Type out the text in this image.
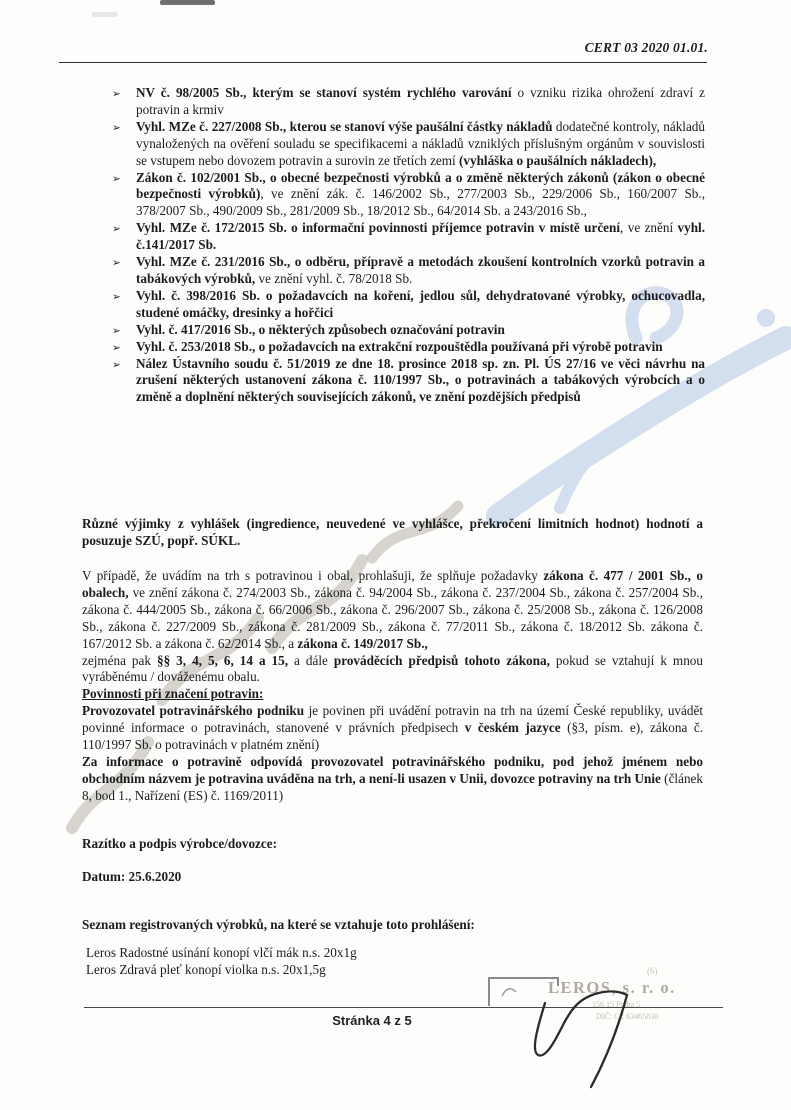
CERT 03 2020 01.01.
➢ NV č. 98/2005 Sb., kterým se stanoví systém rychlého varování o vzniku rizika ohrožení zdraví z potravin a krmiv
➢ Vyhl. MZe č. 227/2008 Sb., kterou se stanoví výše paušální částky nákladů dodatečné kontroly, nákladů vynaložených na ověření souladu se specifikacemi a nákladů vzniklých příslušným orgánům v souvislosti se vstupem nebo dovozem potravin a surovin ze třetích zemí (vyhláška o paušálních nákladech),
➢ Zákon č. 102/2001 Sb., o obecné bezpečnosti výrobků a o změně některých zákonů (zákon o obecné bezpečnosti výrobků), ve znění zák. č. 146/2002 Sb., 277/2003 Sb., 229/2006 Sb., 160/2007 Sb., 378/2007 Sb., 490/2009 Sb., 281/2009 Sb., 18/2012 Sb., 64/2014 Sb. a 243/2016 Sb.,
➢ Vyhl. MZe č. 172/2015 Sb. o informační povinnosti příjemce potravin v místě určení, ve znění vyhl. č.141/2017 Sb.
➢ Vyhl. MZe č. 231/2016 Sb., o odběru, přípravě a metodách zkoušení kontrolních vzorků potravin a tabákových výrobků, ve znění vyhl. č. 78/2018 Sb.
➢ Vyhl. č. 398/2016 Sb. o požadavcích na koření, jedlou sůl, dehydratované výrobky, ochucovadla, studené omáčky, dresinky a hořčici
➢ Vyhl. č. 417/2016 Sb., o některých způsobech označování potravin
➢ Vyhl. č. 253/2018 Sb., o požadavcích na extrakční rozpouštědla používaná při výrobě potravin
➢ Nález Ústavního soudu č. 51/2019 ze dne 18. prosince 2018 sp. zn. Pl. ÚS 27/16 ve věci návrhu na zrušení některých ustanovení zákona č. 110/1997 Sb., o potravinách a tabákových výrobcích a o změně a doplnění některých souvisejících zákonů, ve znění pozdějších předpisů

Různé výjimky z vyhlášek (ingredience, neuvedené ve vyhlášce, překročení limitních hodnot) hodnotí a posuzuje SZÚ, popř. SÚKL.

V případě, že uvádím na trh s potravinou i obal, prohlašuji, že splňuje požadavky zákona č. 477 / 2001 Sb., o obalech, ve znění zákona č. 274/2003 Sb., zákona č. 94/2004 Sb., zákona č. 237/2004 Sb., zákona č. 257/2004 Sb., zákona č. 444/2005 Sb., zákona č. 66/2006 Sb., zákona č. 296/2007 Sb., zákona č. 25/2008 Sb., zákona č. 126/2008 Sb., zákona č. 227/2009 Sb., zákona č. 281/2009 Sb., zákona č. 77/2011 Sb., zákona č. 18/2012 Sb. zákona č. 167/2012 Sb. a zákona č. 62/2014 Sb., a zákona č. 149/2017 Sb.,

zejména pak §§ 3, 4, 5, 6, 14 a 15, a dále prováděcích předpisů tohoto zákona, pokud se vztahují k mnou vyráběnému / dováženému obalu.

Povinnosti při značení potravin:

Provozovatel potravinářského podniku je povinen při uvádění potravin na trh na území České republiky, uvádět povinné informace o potravinách, stanovené v právních předpisech v českém jazyce (§3, písm. e), zákona č. 110/1997 Sb. o potravinách v platném znění)

Za informace o potravině odpovídá provozovatel potravinářského podniku, pod jehož jménem nebo obchodním názvem je potravina uváděna na trh, a není-li usazen v Unii, dovozce potraviny na trh Unie (článek 8, bod 1., Nařízení (ES) č. 1169/2011)

Razítko a podpis výrobce/dovozce:

Datum: 25.6.2020

Seznam registrovaných výrobků, na které se vztahuje toto prohlášení:

Leros Radostné usínání konopí vlčí mák n.s. 20x1g

Leros Zdravá pleť konopí violka n.s. 20x1,5g	(6)
LEROS, s. r. o.
156 15 Praha 5
DIČ: CZ 63465830
Stránka 4 z 5
